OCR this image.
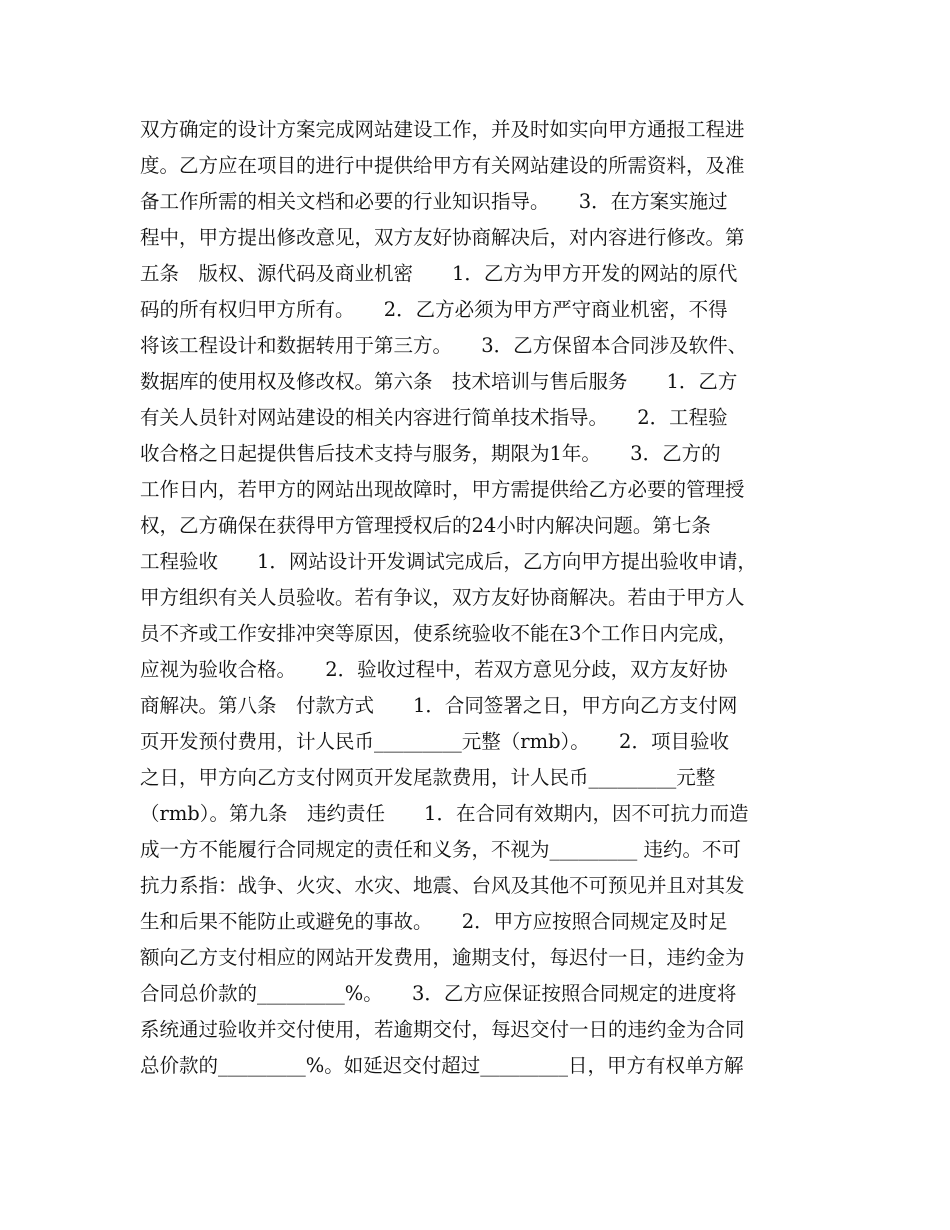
双方确定的设计方案完成网站建设工作，并及时如实向甲方通报工程进
度。乙方应在项目的进行中提供给甲方有关网站建设的所需资料，及准
备工作所需的相关文档和必要的行业知识指导。　　3．在方案实施过
程中，甲方提出修改意见，双方友好协商解决后，对内容进行修改。第
五条　版权、源代码及商业机密　　1．乙方为甲方开发的网站的原代
码的所有权归甲方所有。　　2．乙方必须为甲方严守商业机密，不得
将该工程设计和数据转用于第三方。　　3．乙方保留本合同涉及软件、
数据库的使用权及修改权。第六条　技术培训与售后服务　　1．乙方
有关人员针对网站建设的相关内容进行简单技术指导。　　2．工程验
收合格之日起提供售后技术支持与服务，期限为1年。　　3．乙方的
工作日内，若甲方的网站出现故障时，甲方需提供给乙方必要的管理授
权，乙方确保在获得甲方管理授权后的24小时内解决问题。第七条
工程验收　　1．网站设计开发调试完成后，乙方向甲方提出验收申请，
甲方组织有关人员验收。若有争议，双方友好协商解决。若由于甲方人
员不齐或工作安排冲突等原因，使系统验收不能在3个工作日内完成，
应视为验收合格。　　2．验收过程中，若双方意见分歧，双方友好协
商解决。第八条　付款方式　　1．合同签署之日，甲方向乙方支付网
页开发预付费用，计人民币_________元整（rmb）。　　2．项目验收
之日，甲方向乙方支付网页开发尾款费用，计人民币_________元整
（rmb）。第九条　违约责任　　1．在合同有效期内，因不可抗力而造
成一方不能履行合同规定的责任和义务，不视为_________ 违约。不可
抗力系指：战争、火灾、水灾、地震、台风及其他不可预见并且对其发
生和后果不能防止或避免的事故。　　2．甲方应按照合同规定及时足
额向乙方支付相应的网站开发费用，逾期支付，每迟付一日，违约金为
合同总价款的_________%。　　3．乙方应保证按照合同规定的进度将
系统通过验收并交付使用，若逾期交付，每迟交付一日的违约金为合同
总价款的_________%。如延迟交付超过_________日，甲方有权单方解
